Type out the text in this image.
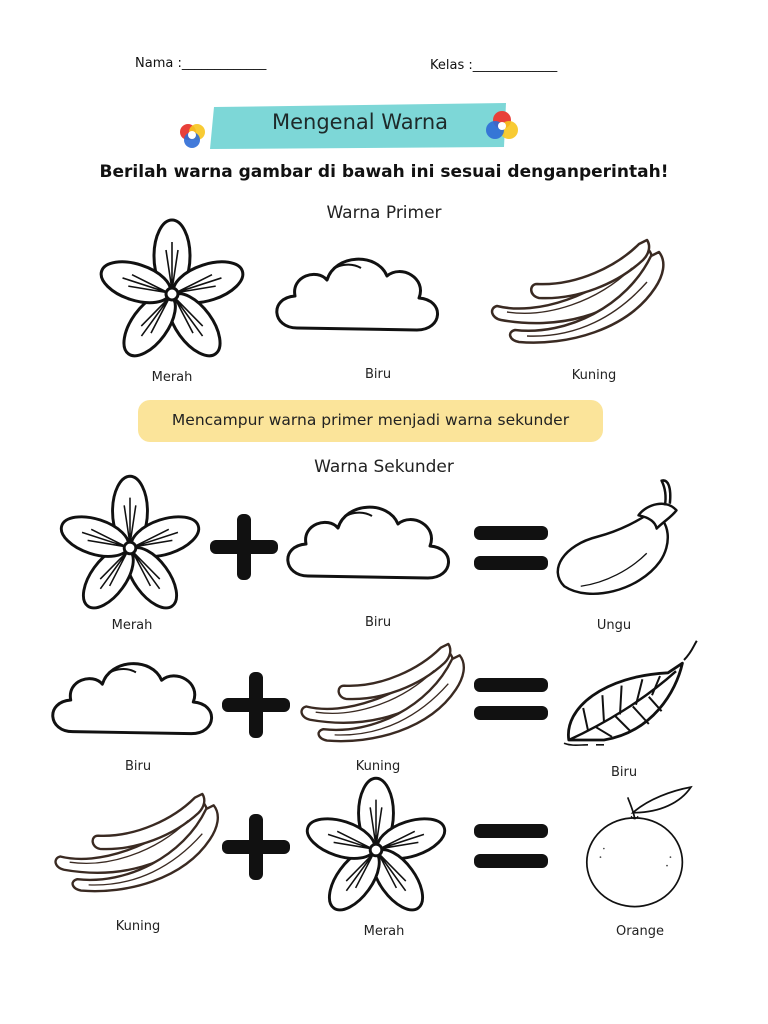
Nama :_____________	Kelas :_____________
Mengenal Warna
Berilah warna gambar di bawah ini sesuai denganperintah!
Warna Primer
Merah	Biru	Kuning
Mencampur warna primer menjadi warna sekunder
Warna Sekunder
Merah	Biru	Ungu
Biru	Kuning	Biru
Kuning	Merah	Orange
